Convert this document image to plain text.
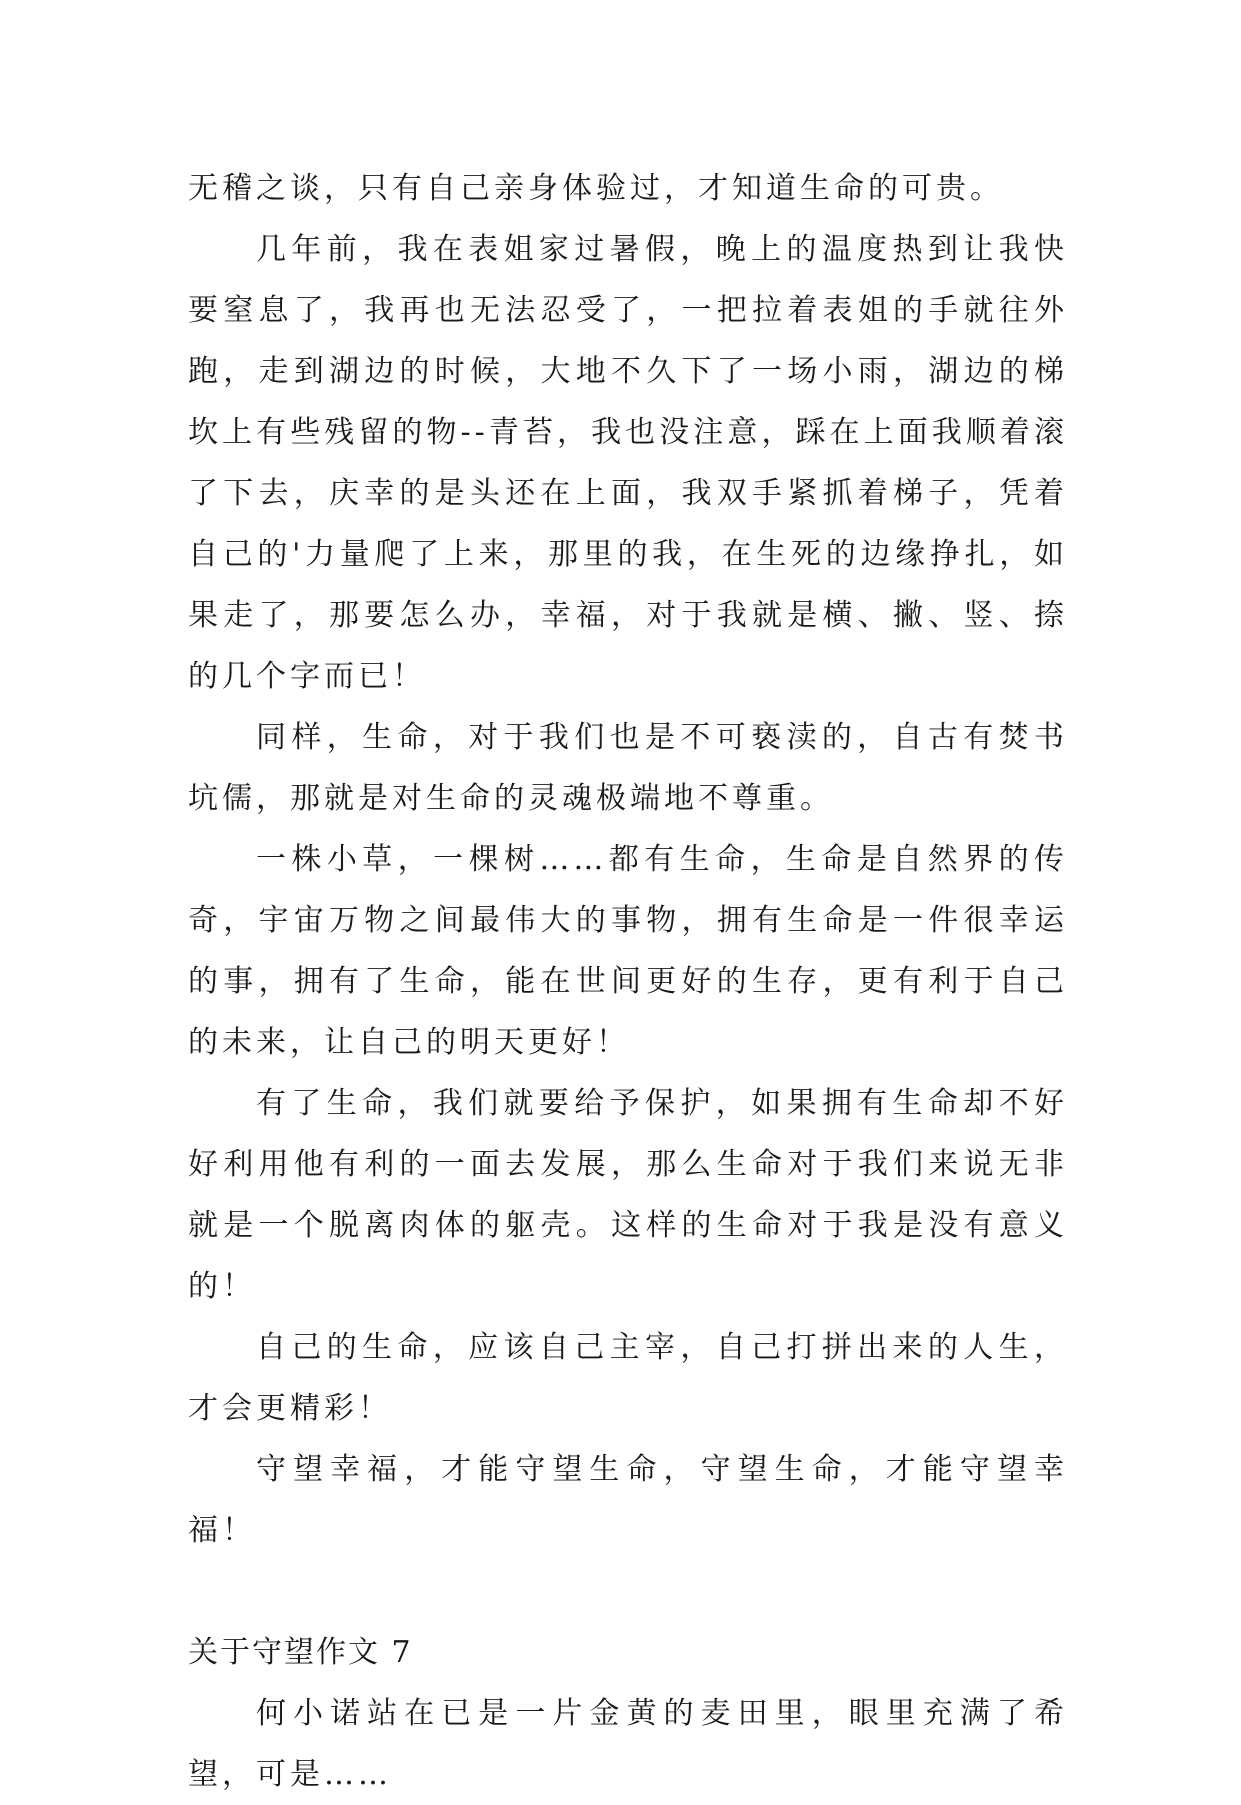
无稽之谈，只有自己亲身体验过，才知道生命的可贵。

几年前，我在表姐家过暑假，晚上的温度热到让我快要窒息了，我再也无法忍受了，一把拉着表姐的手就往外跑，走到湖边的时候，大地不久下了一场小雨，湖边的梯坎上有些残留的物--青苔，我也没注意，踩在上面我顺着滚了下去，庆幸的是头还在上面，我双手紧抓着梯子，凭着自己的'力量爬了上来，那里的我，在生死的边缘挣扎，如果走了，那要怎么办，幸福，对于我就是横、撇、竖、捺的几个字而已！

同样，生命，对于我们也是不可亵渎的，自古有焚书坑儒，那就是对生命的灵魂极端地不尊重。

一株小草，一棵树……都有生命，生命是自然界的传奇，宇宙万物之间最伟大的事物，拥有生命是一件很幸运的事，拥有了生命，能在世间更好的生存，更有利于自己的未来，让自己的明天更好！

有了生命，我们就要给予保护，如果拥有生命却不好好利用他有利的一面去发展，那么生命对于我们来说无非就是一个脱离肉体的躯壳。这样的生命对于我是没有意义的！

自己的生命，应该自己主宰，自己打拼出来的人生，才会更精彩！

守望幸福，才能守望生命，守望生命，才能守望幸福！

关于守望作文 7

何小诺站在已是一片金黄的麦田里，眼里充满了希望，可是……
